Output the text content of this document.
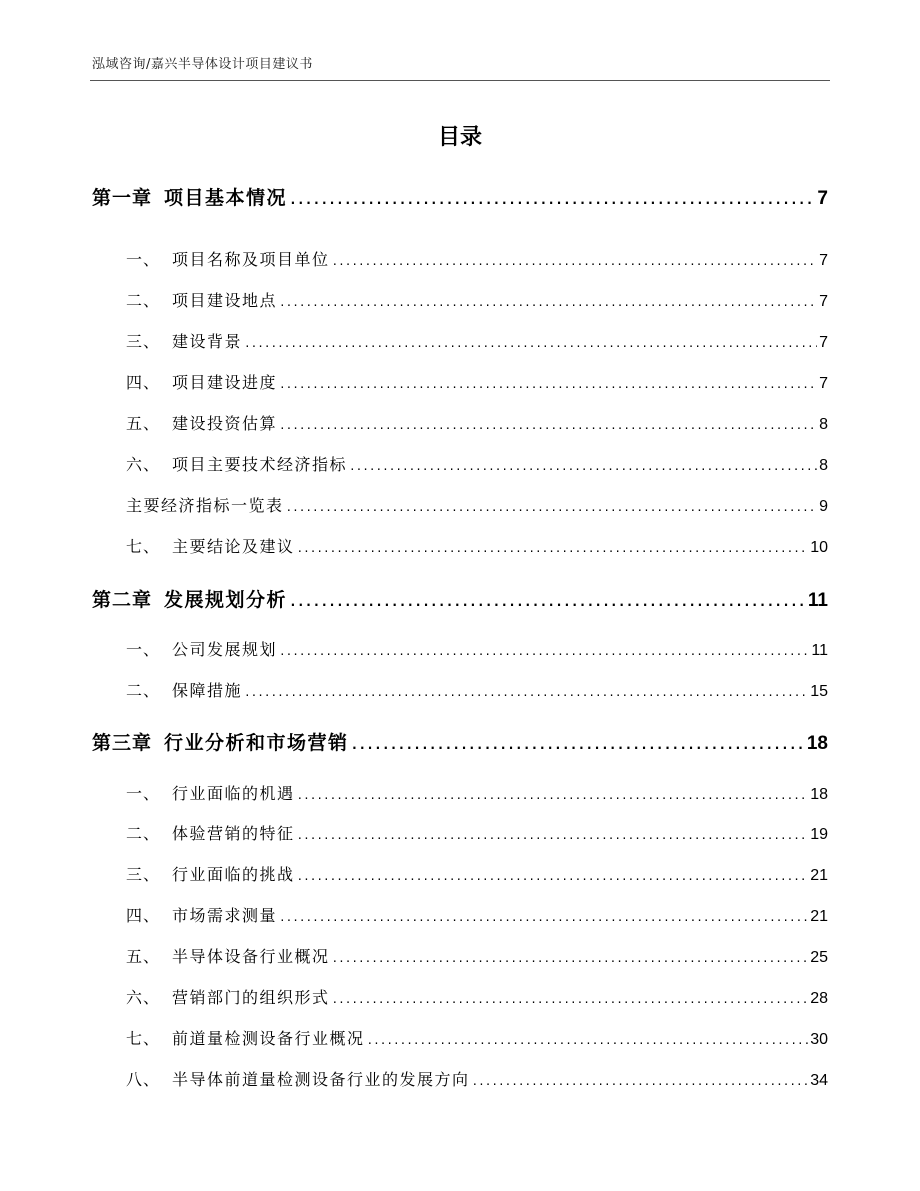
泓域咨询/嘉兴半导体设计项目建议书
目录
第一章 项目基本情况 .....	7
一、 项目名称及项目单位 .....	7
二、 项目建设地点 .....	7
三、 建设背景 .....	7
四、 项目建设进度 .....	7
五、 建设投资估算 .....	8
六、 项目主要技术经济指标 .....	8
主要经济指标一览表 .....	9
七、 主要结论及建议 .....	10
第二章 发展规划分析 .....	11
一、 公司发展规划 .....	11
二、 保障措施 .....	15
第三章 行业分析和市场营销 .....	18
一、 行业面临的机遇 .....	18
二、 体验营销的特征 .....	19
三、 行业面临的挑战 .....	21
四、 市场需求测量 .....	21
五、 半导体设备行业概况 .....	25
六、 营销部门的组织形式 .....	28
七、 前道量检测设备行业概况 .....	30
八、 半导体前道量检测设备行业的发展方向 .....	34
